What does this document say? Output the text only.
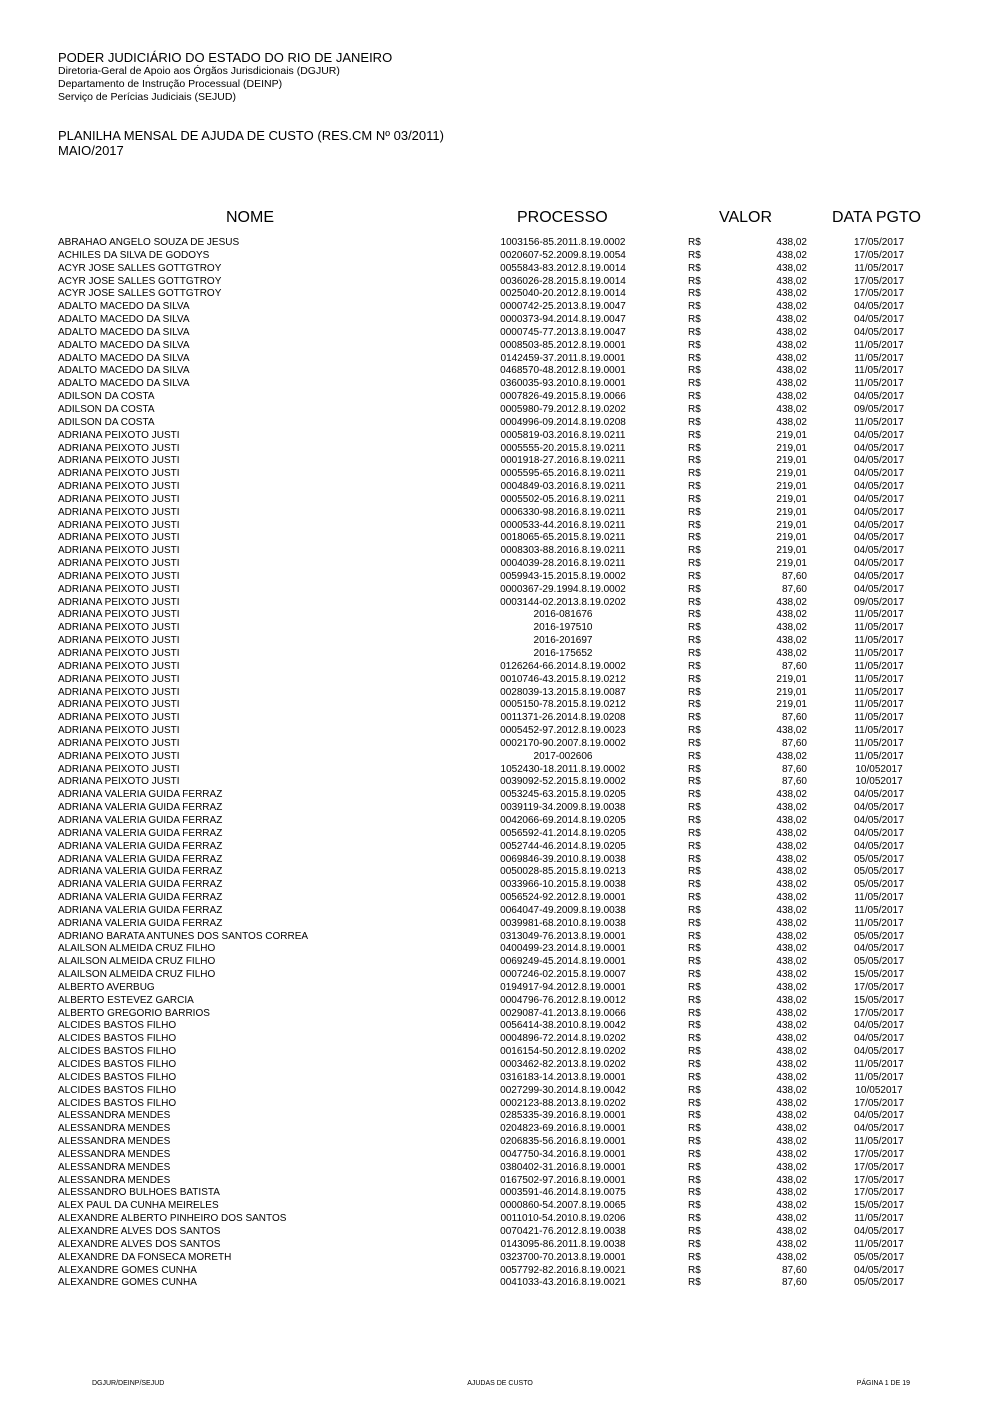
PODER JUDICIÁRIO DO ESTADO DO RIO DE JANEIRO
Diretoria-Geral de Apoio aos Órgãos Jurisdicionais (DGJUR)
Departamento de Instrução Processual (DEINP)
Serviço de Perícias Judiciais (SEJUD)
PLANILHA MENSAL DE AJUDA DE CUSTO (RES.CM Nº 03/2011)
MAIO/2017
NOME	PROCESSO	VALOR	DATA PGTO
ABRAHAO ANGELO SOUZA DE JESUS	1003156-85.2011.8.19.0002	R$	438,02	17/05/2017
ACHILES DA SILVA DE GODOYS	0020607-52.2009.8.19.0054	R$	438,02	17/05/2017
ACYR JOSE SALLES GOTTGTROY	0055843-83.2012.8.19.0014	R$	438,02	11/05/2017
ACYR JOSE SALLES GOTTGTROY	0036026-28.2015.8.19.0014	R$	438,02	17/05/2017
ACYR JOSE SALLES GOTTGTROY	0025040-20.2012.8.19.0014	R$	438,02	17/05/2017
ADALTO MACEDO DA SILVA	0000742-25.2013.8.19.0047	R$	438,02	04/05/2017
ADALTO MACEDO DA SILVA	0000373-94.2014.8.19.0047	R$	438,02	04/05/2017
ADALTO MACEDO DA SILVA	0000745-77.2013.8.19.0047	R$	438,02	04/05/2017
ADALTO MACEDO DA SILVA	0008503-85.2012.8.19.0001	R$	438,02	11/05/2017
ADALTO MACEDO DA SILVA	0142459-37.2011.8.19.0001	R$	438,02	11/05/2017
ADALTO MACEDO DA SILVA	0468570-48.2012.8.19.0001	R$	438,02	11/05/2017
ADALTO MACEDO DA SILVA	0360035-93.2010.8.19.0001	R$	438,02	11/05/2017
ADILSON DA COSTA	0007826-49.2015.8.19.0066	R$	438,02	04/05/2017
ADILSON DA COSTA	0005980-79.2012.8.19.0202	R$	438,02	09/05/2017
ADILSON DA COSTA	0004996-09.2014.8.19.0208	R$	438,02	11/05/2017
ADRIANA PEIXOTO JUSTI	0005819-03.2016.8.19.0211	R$	219,01	04/05/2017
ADRIANA PEIXOTO JUSTI	0005555-20.2015.8.19.0211	R$	219,01	04/05/2017
ADRIANA PEIXOTO JUSTI	0001918-27.2016.8.19.0211	R$	219,01	04/05/2017
ADRIANA PEIXOTO JUSTI	0005595-65.2016.8.19.0211	R$	219,01	04/05/2017
ADRIANA PEIXOTO JUSTI	0004849-03.2016.8.19.0211	R$	219,01	04/05/2017
ADRIANA PEIXOTO JUSTI	0005502-05.2016.8.19.0211	R$	219,01	04/05/2017
ADRIANA PEIXOTO JUSTI	0006330-98.2016.8.19.0211	R$	219,01	04/05/2017
ADRIANA PEIXOTO JUSTI	0000533-44.2016.8.19.0211	R$	219,01	04/05/2017
ADRIANA PEIXOTO JUSTI	0018065-65.2015.8.19.0211	R$	219,01	04/05/2017
ADRIANA PEIXOTO JUSTI	0008303-88.2016.8.19.0211	R$	219,01	04/05/2017
ADRIANA PEIXOTO JUSTI	0004039-28.2016.8.19.0211	R$	219,01	04/05/2017
ADRIANA PEIXOTO JUSTI	0059943-15.2015.8.19.0002	R$	87,60	04/05/2017
ADRIANA PEIXOTO JUSTI	0000367-29.1994.8.19.0002	R$	87,60	04/05/2017
ADRIANA PEIXOTO JUSTI	0003144-02.2013.8.19.0202	R$	438,02	09/05/2017
ADRIANA PEIXOTO JUSTI	2016-081676	R$	438,02	11/05/2017
ADRIANA PEIXOTO JUSTI	2016-197510	R$	438,02	11/05/2017
ADRIANA PEIXOTO JUSTI	2016-201697	R$	438,02	11/05/2017
ADRIANA PEIXOTO JUSTI	2016-175652	R$	438,02	11/05/2017
ADRIANA PEIXOTO JUSTI	0126264-66.2014.8.19.0002	R$	87,60	11/05/2017
ADRIANA PEIXOTO JUSTI	0010746-43.2015.8.19.0212	R$	219,01	11/05/2017
ADRIANA PEIXOTO JUSTI	0028039-13.2015.8.19.0087	R$	219,01	11/05/2017
ADRIANA PEIXOTO JUSTI	0005150-78.2015.8.19.0212	R$	219,01	11/05/2017
ADRIANA PEIXOTO JUSTI	0011371-26.2014.8.19.0208	R$	87,60	11/05/2017
ADRIANA PEIXOTO JUSTI	0005452-97.2012.8.19.0023	R$	438,02	11/05/2017
ADRIANA PEIXOTO JUSTI	0002170-90.2007.8.19.0002	R$	87,60	11/05/2017
ADRIANA PEIXOTO JUSTI	2017-002606	R$	438,02	11/05/2017
ADRIANA PEIXOTO JUSTI	1052430-18.2011.8.19.0002	R$	87,60	10/052017
ADRIANA PEIXOTO JUSTI	0039092-52.2015.8.19.0002	R$	87,60	10/052017
ADRIANA VALERIA GUIDA FERRAZ	0053245-63.2015.8.19.0205	R$	438,02	04/05/2017
ADRIANA VALERIA GUIDA FERRAZ	0039119-34.2009.8.19.0038	R$	438,02	04/05/2017
ADRIANA VALERIA GUIDA FERRAZ	0042066-69.2014.8.19.0205	R$	438,02	04/05/2017
ADRIANA VALERIA GUIDA FERRAZ	0056592-41.2014.8.19.0205	R$	438,02	04/05/2017
ADRIANA VALERIA GUIDA FERRAZ	0052744-46.2014.8.19.0205	R$	438,02	04/05/2017
ADRIANA VALERIA GUIDA FERRAZ	0069846-39.2010.8.19.0038	R$	438,02	05/05/2017
ADRIANA VALERIA GUIDA FERRAZ	0050028-85.2015.8.19.0213	R$	438,02	05/05/2017
ADRIANA VALERIA GUIDA FERRAZ	0033966-10.2015.8.19.0038	R$	438,02	05/05/2017
ADRIANA VALERIA GUIDA FERRAZ	0056524-92.2012.8.19.0001	R$	438,02	11/05/2017
ADRIANA VALERIA GUIDA FERRAZ	0064047-49.2009.8.19.0038	R$	438,02	11/05/2017
ADRIANA VALERIA GUIDA FERRAZ	0039981-68.2010.8.19.0038	R$	438,02	11/05/2017
ADRIANO BARATA ANTUNES DOS SANTOS CORREA	0313049-76.2013.8.19.0001	R$	438,02	05/05/2017
ALAILSON ALMEIDA CRUZ FILHO	0400499-23.2014.8.19.0001	R$	438,02	04/05/2017
ALAILSON ALMEIDA CRUZ FILHO	0069249-45.2014.8.19.0001	R$	438,02	05/05/2017
ALAILSON ALMEIDA CRUZ FILHO	0007246-02.2015.8.19.0007	R$	438,02	15/05/2017
ALBERTO AVERBUG	0194917-94.2012.8.19.0001	R$	438,02	17/05/2017
ALBERTO ESTEVEZ GARCIA	0004796-76.2012.8.19.0012	R$	438,02	15/05/2017
ALBERTO GREGORIO BARRIOS	0029087-41.2013.8.19.0066	R$	438,02	17/05/2017
ALCIDES BASTOS FILHO	0056414-38.2010.8.19.0042	R$	438,02	04/05/2017
ALCIDES BASTOS FILHO	0004896-72.2014.8.19.0202	R$	438,02	04/05/2017
ALCIDES BASTOS FILHO	0016154-50.2012.8.19.0202	R$	438,02	04/05/2017
ALCIDES BASTOS FILHO	0003462-82.2013.8.19.0202	R$	438,02	11/05/2017
ALCIDES BASTOS FILHO	0316183-14.2013.8.19.0001	R$	438,02	11/05/2017
ALCIDES BASTOS FILHO	0027299-30.2014.8.19.0042	R$	438,02	10/052017
ALCIDES BASTOS FILHO	0002123-88.2013.8.19.0202	R$	438,02	17/05/2017
ALESSANDRA MENDES	0285335-39.2016.8.19.0001	R$	438,02	04/05/2017
ALESSANDRA MENDES	0204823-69.2016.8.19.0001	R$	438,02	04/05/2017
ALESSANDRA MENDES	0206835-56.2016.8.19.0001	R$	438,02	11/05/2017
ALESSANDRA MENDES	0047750-34.2016.8.19.0001	R$	438,02	17/05/2017
ALESSANDRA MENDES	0380402-31.2016.8.19.0001	R$	438,02	17/05/2017
ALESSANDRA MENDES	0167502-97.2016.8.19.0001	R$	438,02	17/05/2017
ALESSANDRO BULHOES BATISTA	0003591-46.2014.8.19.0075	R$	438,02	17/05/2017
ALEX PAUL DA CUNHA MEIRELES	0000860-54.2007.8.19.0065	R$	438,02	15/05/2017
ALEXANDRE ALBERTO PINHEIRO DOS SANTOS	0011010-54.2010.8.19.0206	R$	438,02	11/05/2017
ALEXANDRE ALVES DOS SANTOS	0070421-76.2012.8.19.0038	R$	438,02	04/05/2017
ALEXANDRE ALVES DOS SANTOS	0143095-86.2011.8.19.0038	R$	438,02	11/05/2017
ALEXANDRE DA FONSECA MORETH	0323700-70.2013.8.19.0001	R$	438,02	05/05/2017
ALEXANDRE GOMES CUNHA	0057792-82.2016.8.19.0021	R$	87,60	04/05/2017
ALEXANDRE GOMES CUNHA	0041033-43.2016.8.19.0021	R$	87,60	05/05/2017
DGJUR/DEINP/SEJUD	AJUDAS DE CUSTO	PÁGINA 1 DE 19
